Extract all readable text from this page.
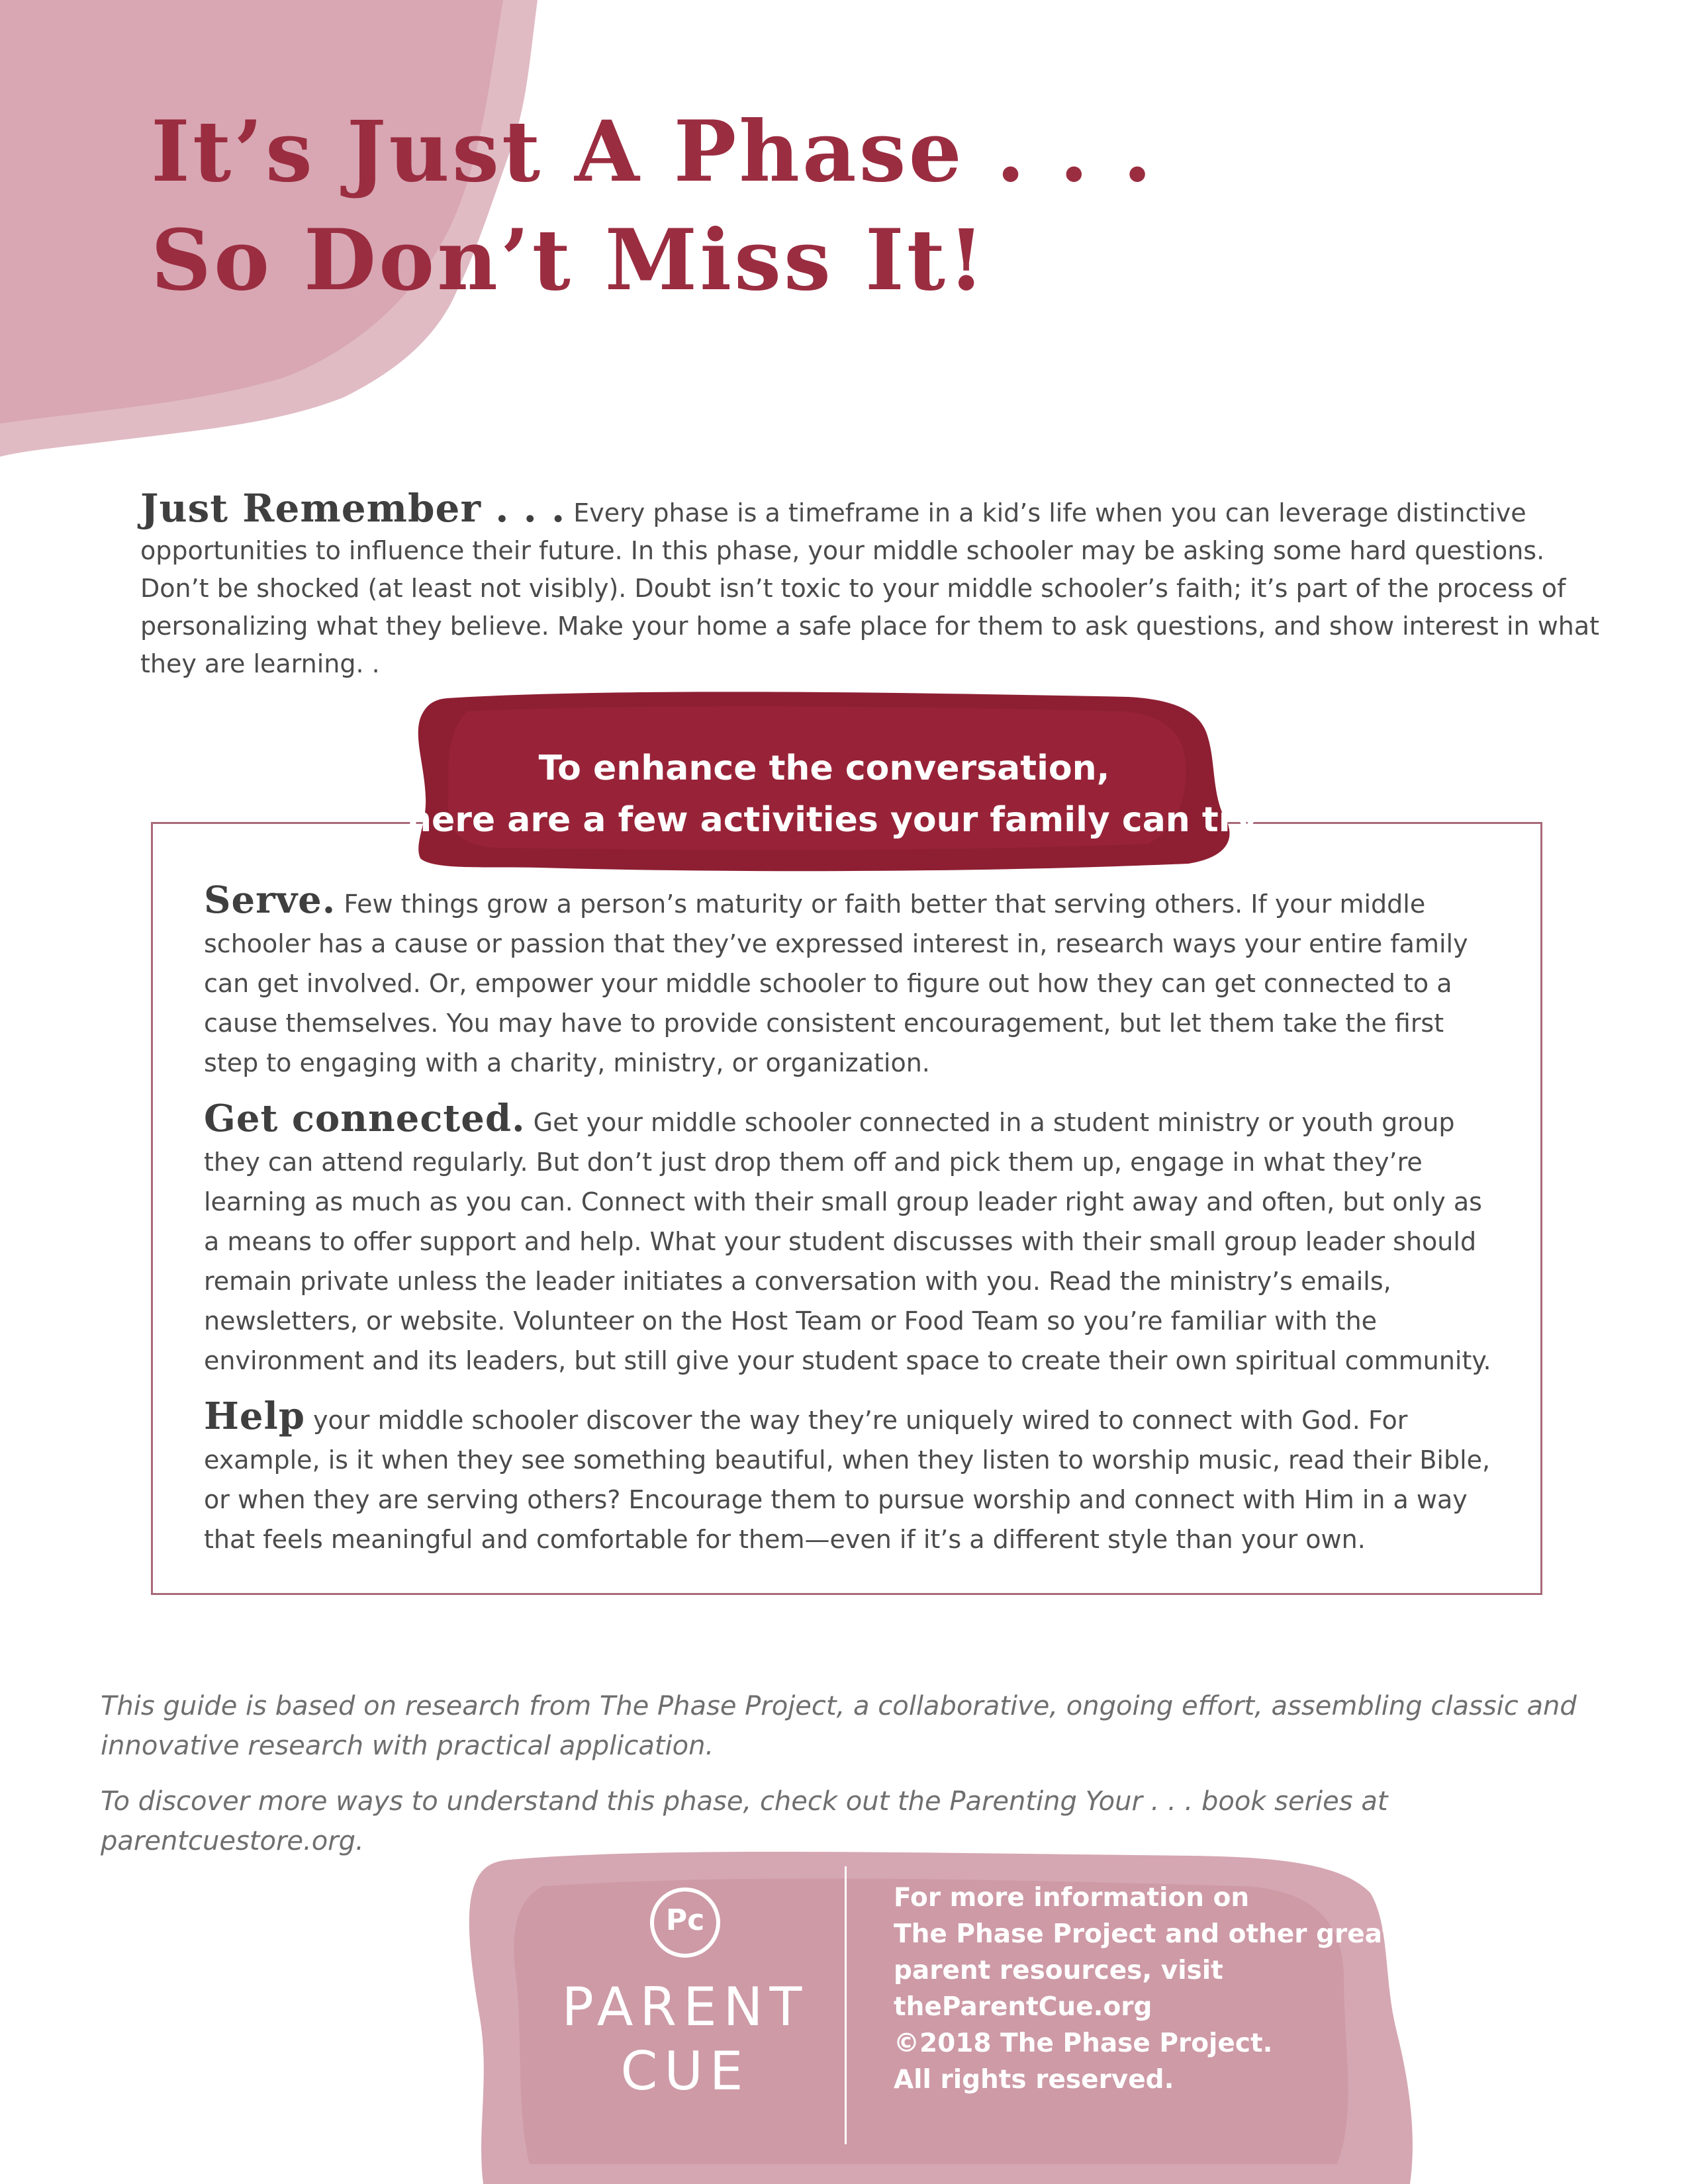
It’s Just A Phase . . .
So Don’t Miss It!

Just Remember . . . Every phase is a timeframe in a kid’s life when you can leverage distinctive opportunities to influence their future. In this phase, your middle schooler may be asking some hard questions. Don’t be shocked (at least not visibly). Doubt isn’t toxic to your middle schooler’s faith; it’s part of the process of personalizing what they believe. Make your home a safe place for them to ask questions, and show interest in what they are learning. .

To enhance the conversation,
here are a few activities your family can try:

Serve. Few things grow a person’s maturity or faith better that serving others. If your middle schooler has a cause or passion that they’ve expressed interest in, research ways your entire family can get involved. Or, empower your middle schooler to figure out how they can get connected to a cause themselves. You may have to provide consistent encouragement, but let them take the first step to engaging with a charity, ministry, or organization.

Get connected. Get your middle schooler connected in a student ministry or youth group they can attend regularly. But don’t just drop them off and pick them up, engage in what they’re learning as much as you can. Connect with their small group leader right away and often, but only as a means to offer support and help. What your student discusses with their small group leader should remain private unless the leader initiates a conversation with you. Read the ministry’s emails, newsletters, or website. Volunteer on the Host Team or Food Team so you’re familiar with the environment and its leaders, but still give your student space to create their own spiritual community.

Help your middle schooler discover the way they’re uniquely wired to connect with God. For example, is it when they see something beautiful, when they listen to worship music, read their Bible, or when they are serving others? Encourage them to pursue worship and connect with Him in a way that feels meaningful and comfortable for them—even if it’s a different style than your own.

This guide is based on research from The Phase Project, a collaborative, ongoing effort, assembling classic and innovative research with practical application.

To discover more ways to understand this phase, check out the Parenting Your . . . book series at parentcuestore.org.

Pc
PARENT
CUE
For more information on
The Phase Project and other great
parent resources, visit
theParentCue.org
©2018 The Phase Project.
All rights reserved.
